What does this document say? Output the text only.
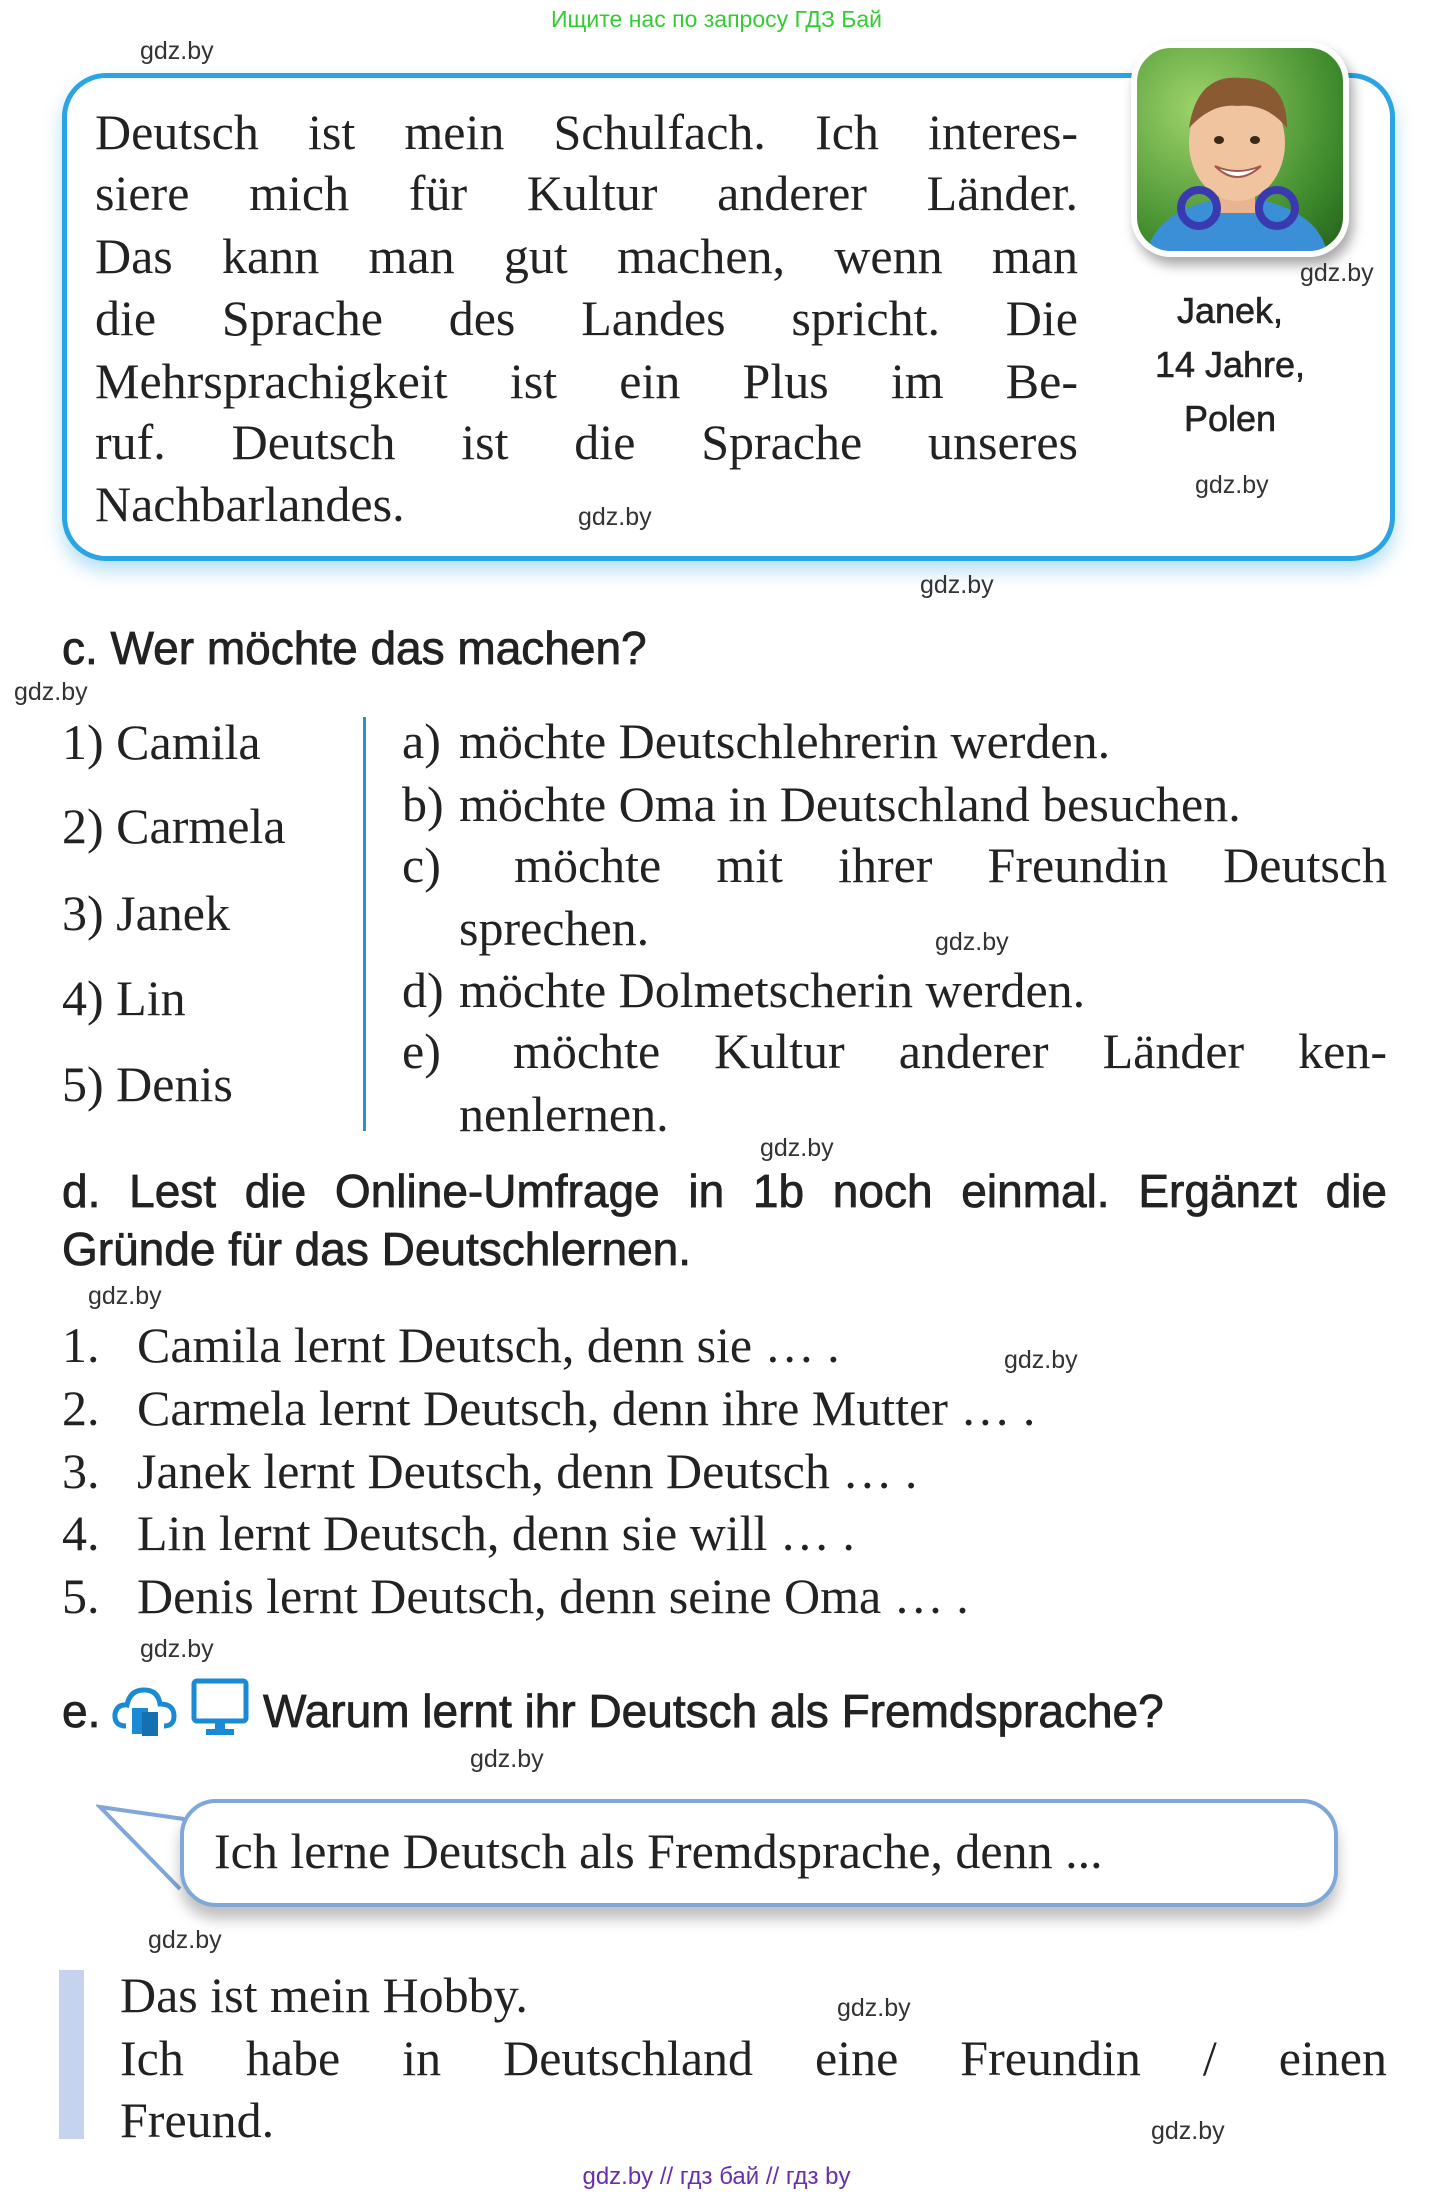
Ищите нас по запросу ГДЗ Бай
Deutsch ist mein Schulfach. Ich interes-
siere mich für Kultur anderer Länder.
Das kann man gut machen, wenn man
die Sprache des Landes spricht. Die
Mehrsprachigkeit ist ein Plus im Be-
ruf. Deutsch ist die Sprache unseres
Nachbarlandes.
Janek,
14 Jahre,
Polen
c. Wer möchte das machen?
1) Camila
2) Carmela
3) Janek
4) Lin
5) Denis
a) möchte Deutschlehrerin werden.
b) möchte Oma in Deutschland besuchen.
c) möchte mit ihrer Freundin Deutsch
sprechen.
d) möchte Dolmetscherin werden.
e) möchte Kultur anderer Länder ken-
nenlernen.
d. Lest die Online-Umfrage in 1b noch einmal. Ergänzt die
Gründe für das Deutschlernen.
1. Camila lernt Deutsch, denn sie … .
2. Carmela lernt Deutsch, denn ihre Mutter … .
3. Janek lernt Deutsch, denn Deutsch … .
4. Lin lernt Deutsch, denn sie will … .
5. Denis lernt Deutsch, denn seine Oma … .
e.	Warum lernt ihr Deutsch als Fremdsprache?
Ich lerne Deutsch als Fremdsprache, denn ...
Das ist mein Hobby.
Ich habe in Deutschland eine Freundin / einen
Freund.
gdz.by // гдз бай // гдз by
gdz.by
gdz.by
gdz.by
gdz.by
gdz.by
gdz.by
gdz.by
gdz.by
gdz.by
gdz.by
gdz.by
gdz.by
gdz.by
gdz.by
gdz.by
